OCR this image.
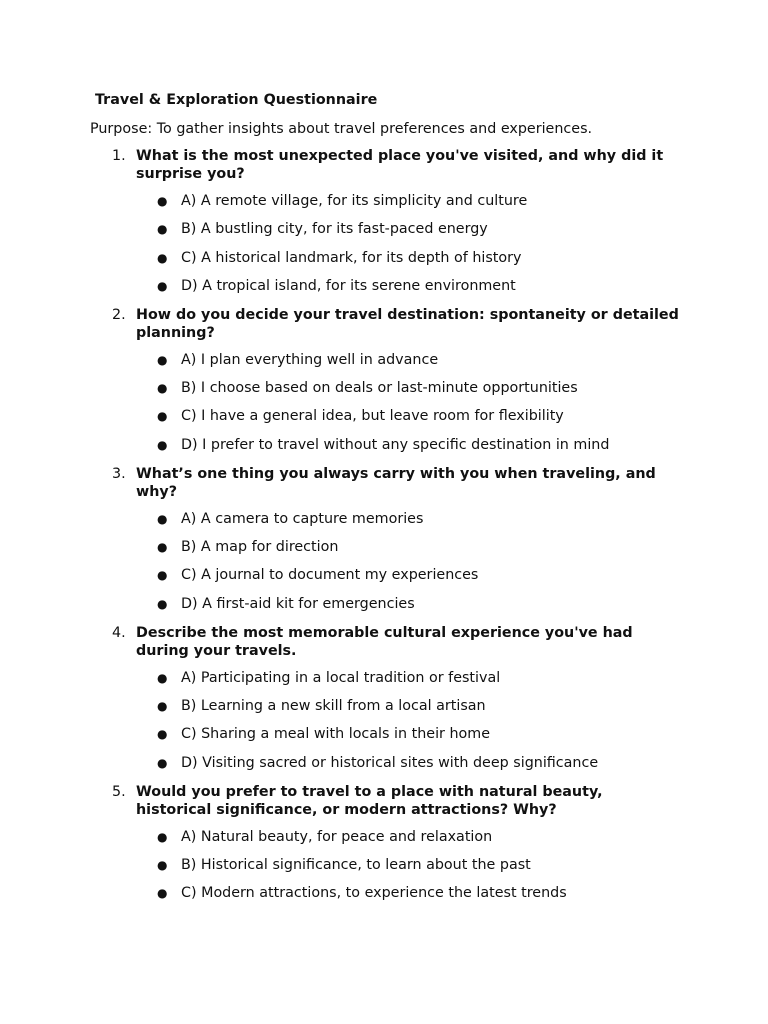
Travel & Exploration Questionnaire

Purpose: To gather insights about travel preferences and experiences.

1. What is the most unexpected place you've visited, and why did it surprise you?
● A) A remote village, for its simplicity and culture
● B) A bustling city, for its fast-paced energy
● C) A historical landmark, for its depth of history
● D) A tropical island, for its serene environment
2. How do you decide your travel destination: spontaneity or detailed planning?
● A) I plan everything well in advance
● B) I choose based on deals or last-minute opportunities
● C) I have a general idea, but leave room for flexibility
● D) I prefer to travel without any specific destination in mind
3. What’s one thing you always carry with you when traveling, and why?
● A) A camera to capture memories
● B) A map for direction
● C) A journal to document my experiences
● D) A first-aid kit for emergencies
4. Describe the most memorable cultural experience you've had during your travels.
● A) Participating in a local tradition or festival
● B) Learning a new skill from a local artisan
● C) Sharing a meal with locals in their home
● D) Visiting sacred or historical sites with deep significance
5. Would you prefer to travel to a place with natural beauty, historical significance, or modern attractions? Why?
● A) Natural beauty, for peace and relaxation
● B) Historical significance, to learn about the past
● C) Modern attractions, to experience the latest trends
